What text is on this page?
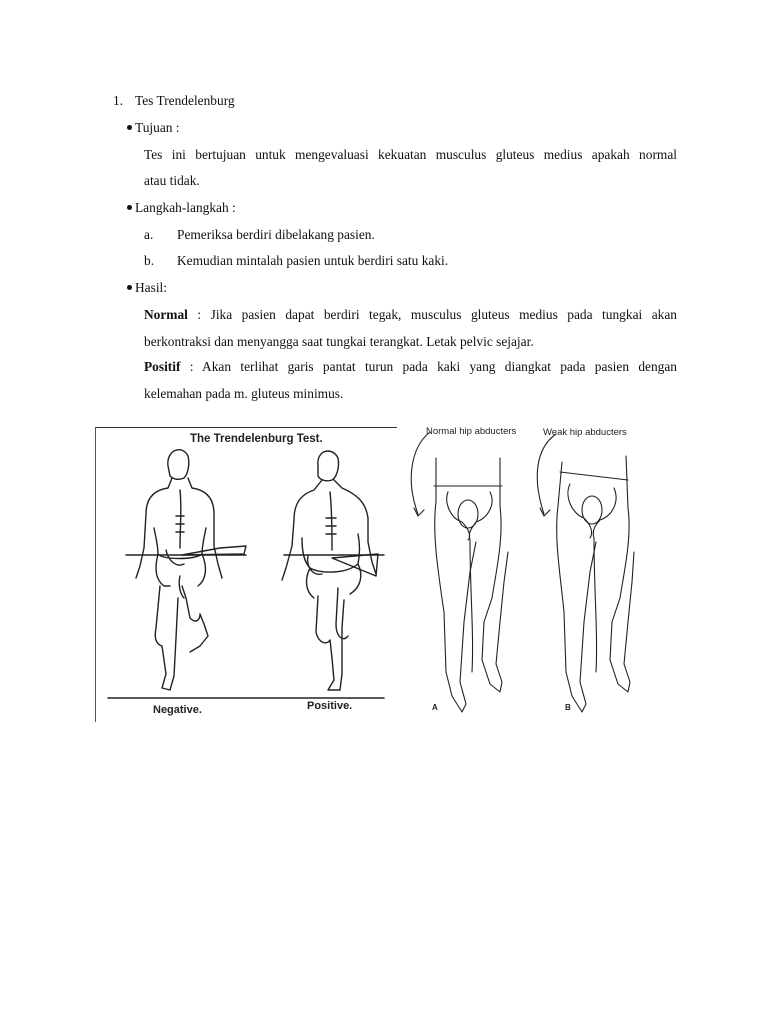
1. Tes Trendelenburg
Tujuan :
Tes ini bertujuan untuk mengevaluasi kekuatan musculus gluteus medius apakah normal
atau tidak.
Langkah-langkah :
a. Pemeriksa berdiri dibelakang pasien.
b. Kemudian mintalah pasien untuk berdiri satu kaki.
Hasil:
Normal : Jika pasien dapat berdiri tegak, musculus gluteus medius pada tungkai akan
berkontraksi dan menyangga saat tungkai terangkat. Letak pelvic sejajar.
Positif : Akan terlihat garis pantat turun pada kaki yang diangkat pada pasien dengan
kelemahan pada m. gluteus minimus.
The Trendelenburg Test.
Negative.	Positive.
Normal hip abducters	Weak hip abducters
A	B
